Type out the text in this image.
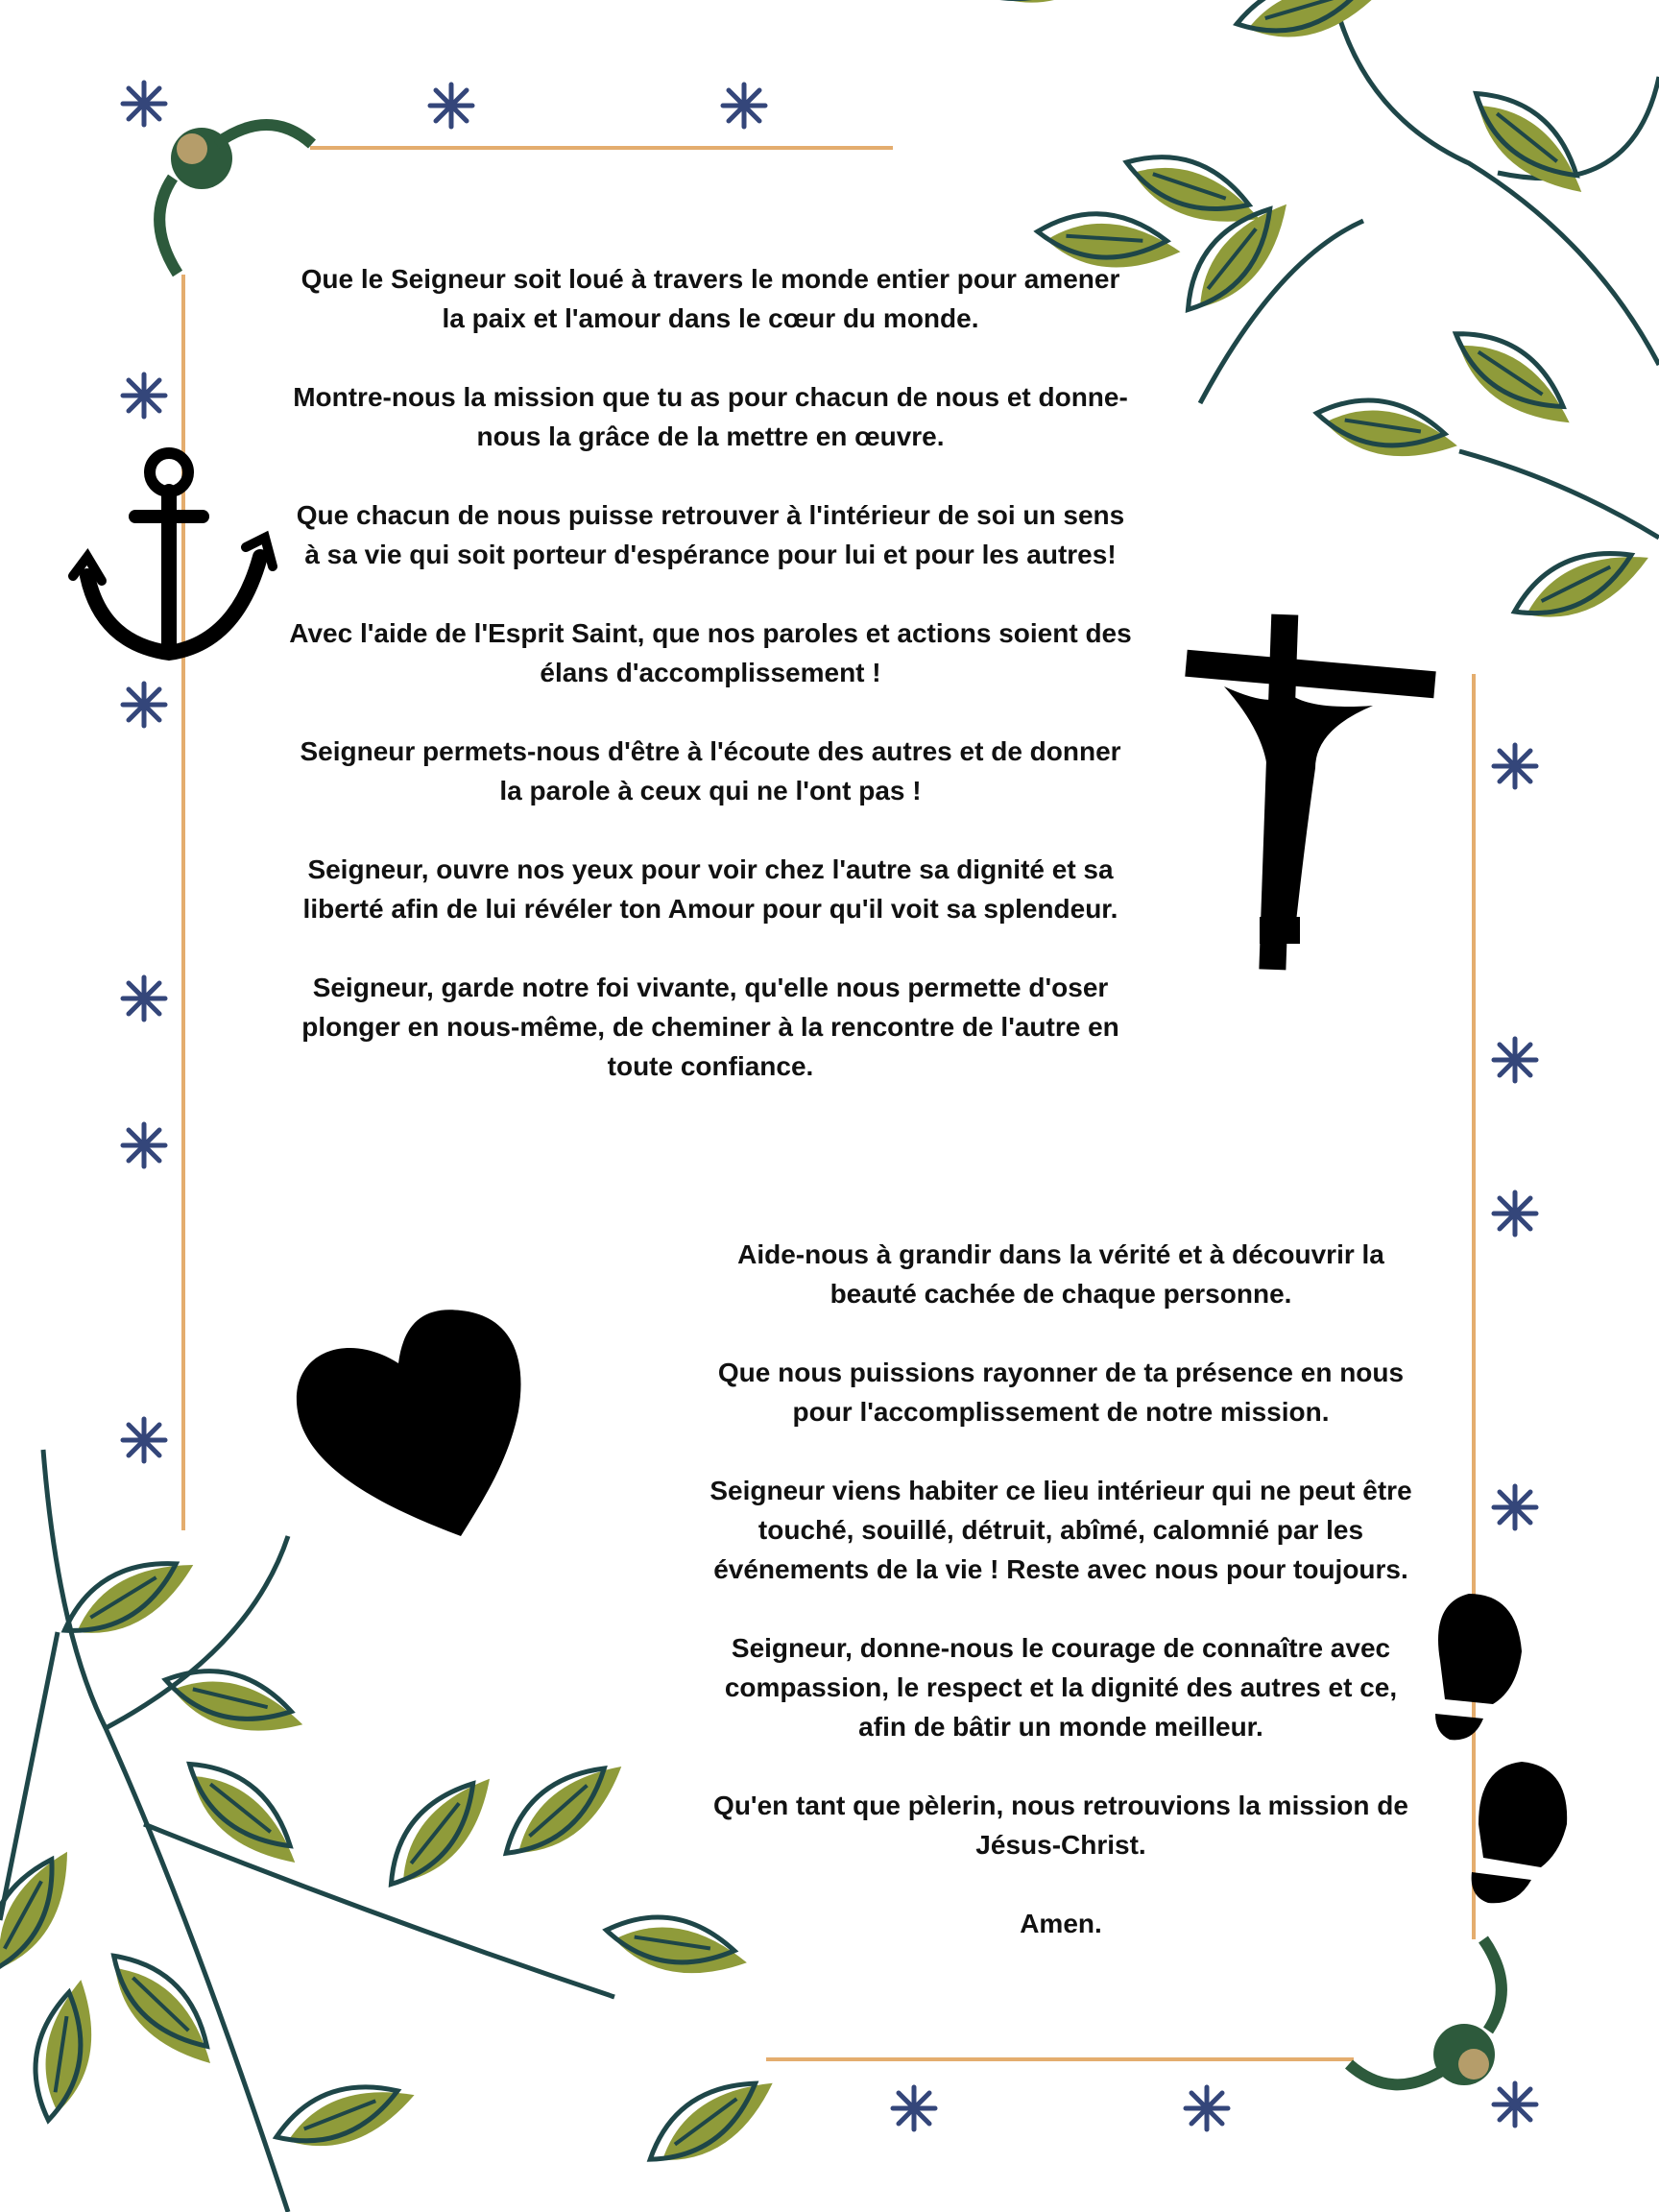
Que le Seigneur soit loué à travers le monde entier pour amener la paix et l'amour dans le cœur du monde.

Montre-nous la mission que tu as pour chacun de nous et donne-nous la grâce de la mettre en œuvre.

Que chacun de nous puisse retrouver à l'intérieur de soi un sens à sa vie qui soit porteur d'espérance pour lui et pour les autres!

Avec l'aide de l'Esprit Saint, que nos paroles et actions soient des élans d'accomplissement !

Seigneur permets-nous d'être à l'écoute des autres et de donner la parole à ceux qui ne l'ont pas !

Seigneur, ouvre nos yeux pour voir chez l'autre sa dignité et sa liberté afin de lui révéler ton Amour pour qu'il voit sa splendeur.

Seigneur, garde notre foi vivante, qu'elle nous permette d'oser plonger en nous-même, de cheminer à la rencontre de l'autre en toute confiance.

Aide-nous à grandir dans la vérité et à découvrir la beauté cachée de chaque personne.

Que nous puissions rayonner de ta présence en nous pour l'accomplissement de notre mission.

Seigneur viens habiter ce lieu intérieur qui ne peut être touché, souillé, détruit, abîmé, calomnié par les événements de la vie ! Reste avec nous pour toujours.

Seigneur, donne-nous le courage de connaître avec compassion, le respect et la dignité des autres et ce, afin de bâtir un monde meilleur.

Qu'en tant que pèlerin, nous retrouvions la mission de Jésus-Christ.

Amen.
